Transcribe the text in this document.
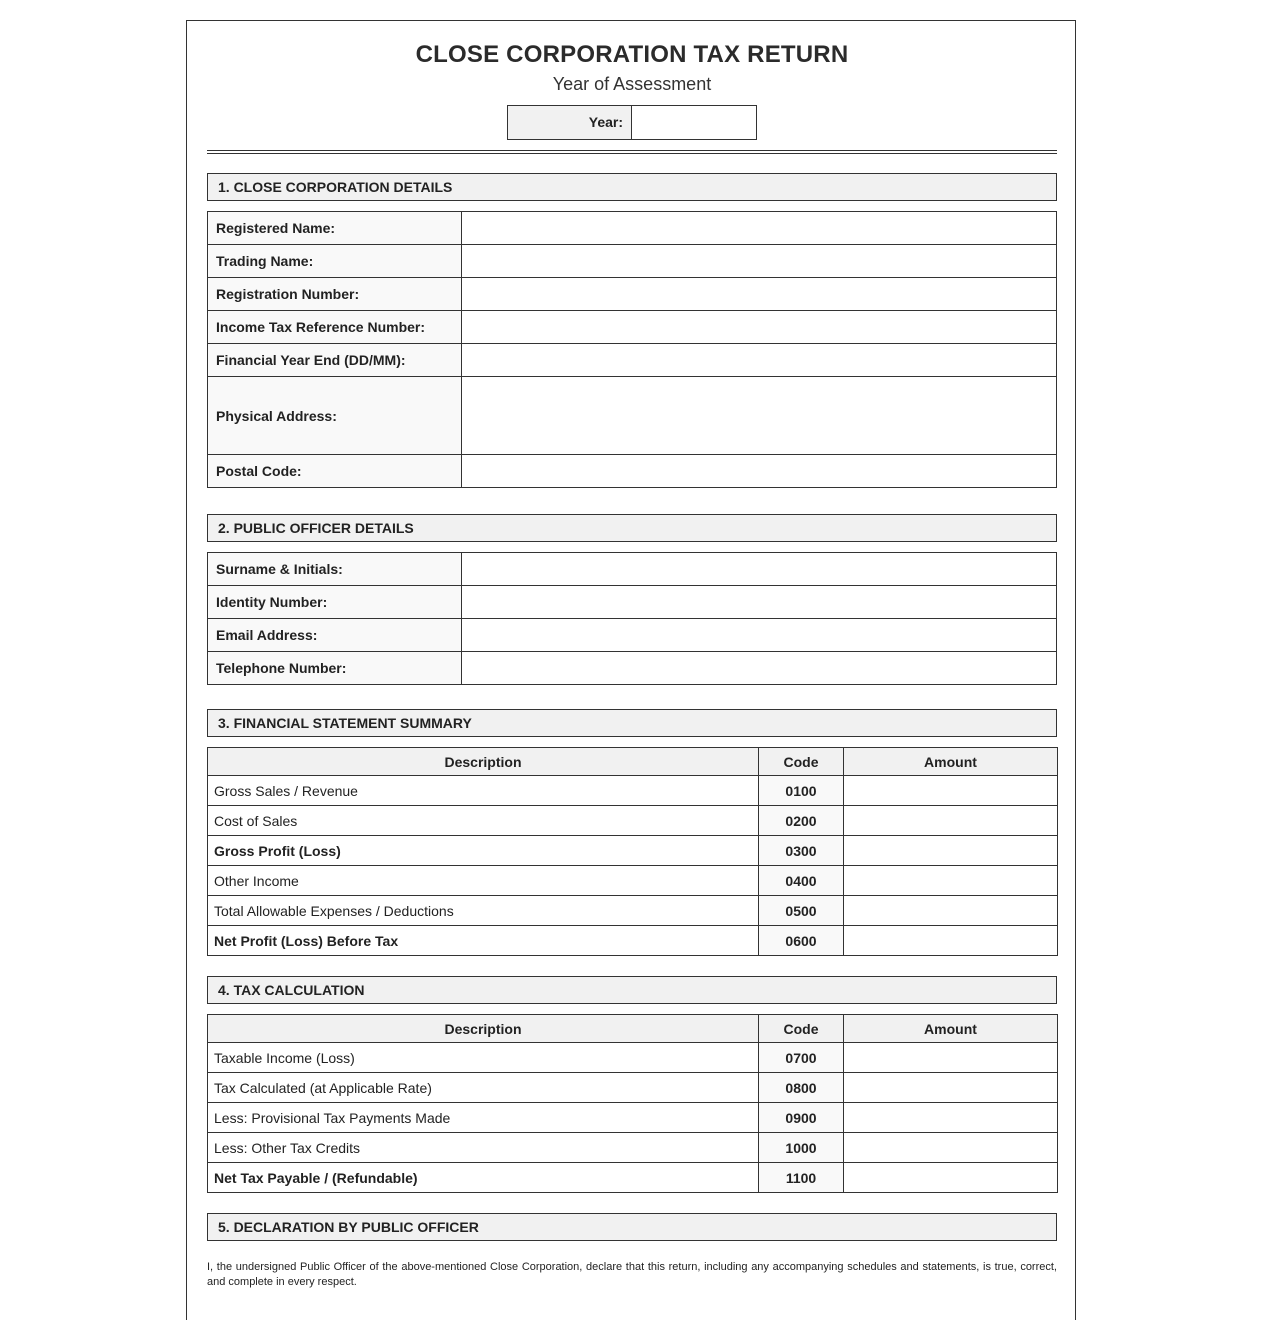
CLOSE CORPORATION TAX RETURN
Year of Assessment
Year:
1. CLOSE CORPORATION DETAILS
Registered Name:	
Trading Name:	
Registration Number:	
Income Tax Reference Number:	
Financial Year End (DD/MM):	
Physical Address:	
Postal Code:	
2. PUBLIC OFFICER DETAILS
Surname & Initials:	
Identity Number:	
Email Address:	
Telephone Number:	
3. FINANCIAL STATEMENT SUMMARY
Description	Code	Amount
Gross Sales / Revenue	0100	
Cost of Sales	0200	
Gross Profit (Loss)	0300	
Other Income	0400	
Total Allowable Expenses / Deductions	0500	
Net Profit (Loss) Before Tax	0600	
4. TAX CALCULATION
Description	Code	Amount
Taxable Income (Loss)	0700	
Tax Calculated (at Applicable Rate)	0800	
Less: Provisional Tax Payments Made	0900	
Less: Other Tax Credits	1000	
Net Tax Payable / (Refundable)	1100	
5. DECLARATION BY PUBLIC OFFICER
I, the undersigned Public Officer of the above-mentioned Close Corporation, declare that this return, including any accompanying schedules and statements, is true, correct, and complete in every respect.
